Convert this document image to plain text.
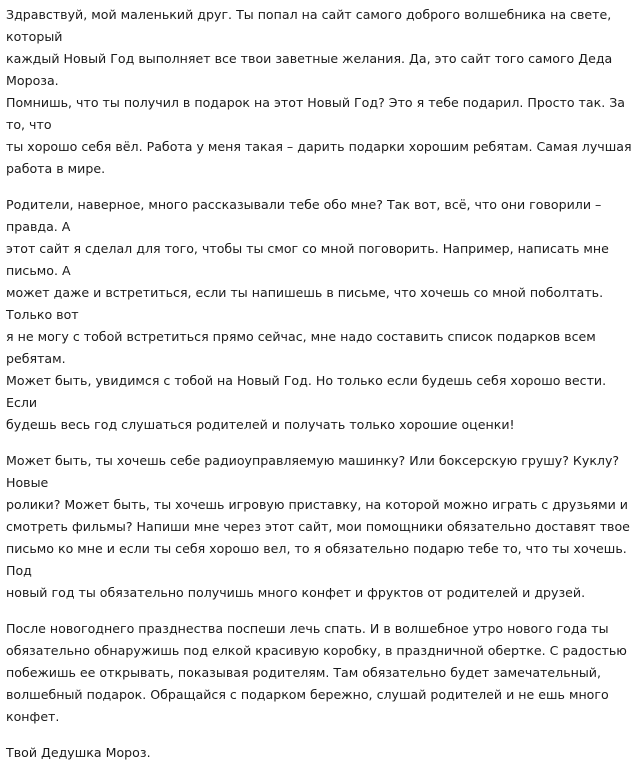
Здравствуй, мой маленький друг. Ты попал на сайт самого доброго волшебника на свете, который
каждый Новый Год выполняет все твои заветные желания. Да, это сайт того самого Деда Мороза.
Помнишь, что ты получил в подарок на этот Новый Год? Это я тебе подарил. Просто так. За то, что
ты хорошо себя вёл. Работа у меня такая – дарить подарки хорошим ребятам. Самая лучшая
работа в мире.

Родители, наверное, много рассказывали тебе обо мне? Так вот, всё, что они говорили – правда. А
этот сайт я сделал для того, чтобы ты смог со мной поговорить. Например, написать мне письмо. А
может даже и встретиться, если ты напишешь в письме, что хочешь со мной поболтать. Только вот
я не могу с тобой встретиться прямо сейчас, мне надо составить список подарков всем ребятам.
Может быть, увидимся с тобой на Новый Год. Но только если будешь себя хорошо вести. Если
будешь весь год слушаться родителей и получать только хорошие оценки!

Может быть, ты хочешь себе радиоуправляемую машинку? Или боксерскую грушу? Куклу? Новые
ролики? Может быть, ты хочешь игровую приставку, на которой можно играть с друзьями и
смотреть фильмы? Напиши мне через этот сайт, мои помощники обязательно доставят твое
письмо ко мне и если ты себя хорошо вел, то я обязательно подарю тебе то, что ты хочешь. Под
новый год ты обязательно получишь много конфет и фруктов от родителей и друзей.

После новогоднего празднества поспеши лечь спать. И в волшебное утро нового года ты
обязательно обнаружишь под елкой красивую коробку, в праздничной обертке. С радостью
побежишь ее открывать, показывая родителям. Там обязательно будет замечательный,
волшебный подарок. Обращайся с подарком бережно, слушай родителей и не ешь много конфет.

Твой Дедушка Мороз.
